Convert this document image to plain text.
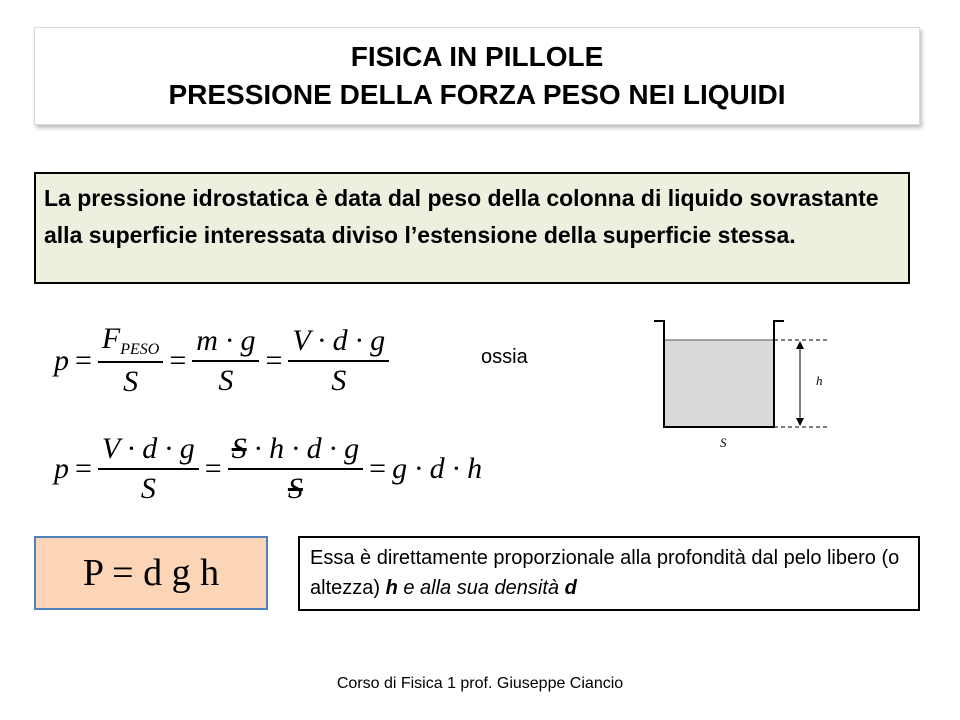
FISICA IN PILLOLE
PRESSIONE DELLA FORZA PESO NEI LIQUIDI
La pressione idrostatica è data dal peso della colonna di liquido sovrastante alla superficie interessata diviso l’estensione della superficie stessa.
$p = \frac{F_{PESO}}{S} = \frac{m \cdot g}{S} = \frac{V \cdot d \cdot g}{S}$	ossia
h
S
$p = \frac{V \cdot d \cdot g}{S} = \frac{S \cdot h \cdot d \cdot g}{S} = g \cdot d \cdot h$
P = d g h	Essa è direttamente proporzionale alla profondità dal pelo libero (o altezza) h e alla sua densità d
Corso di Fisica 1 prof. Giuseppe Ciancio
